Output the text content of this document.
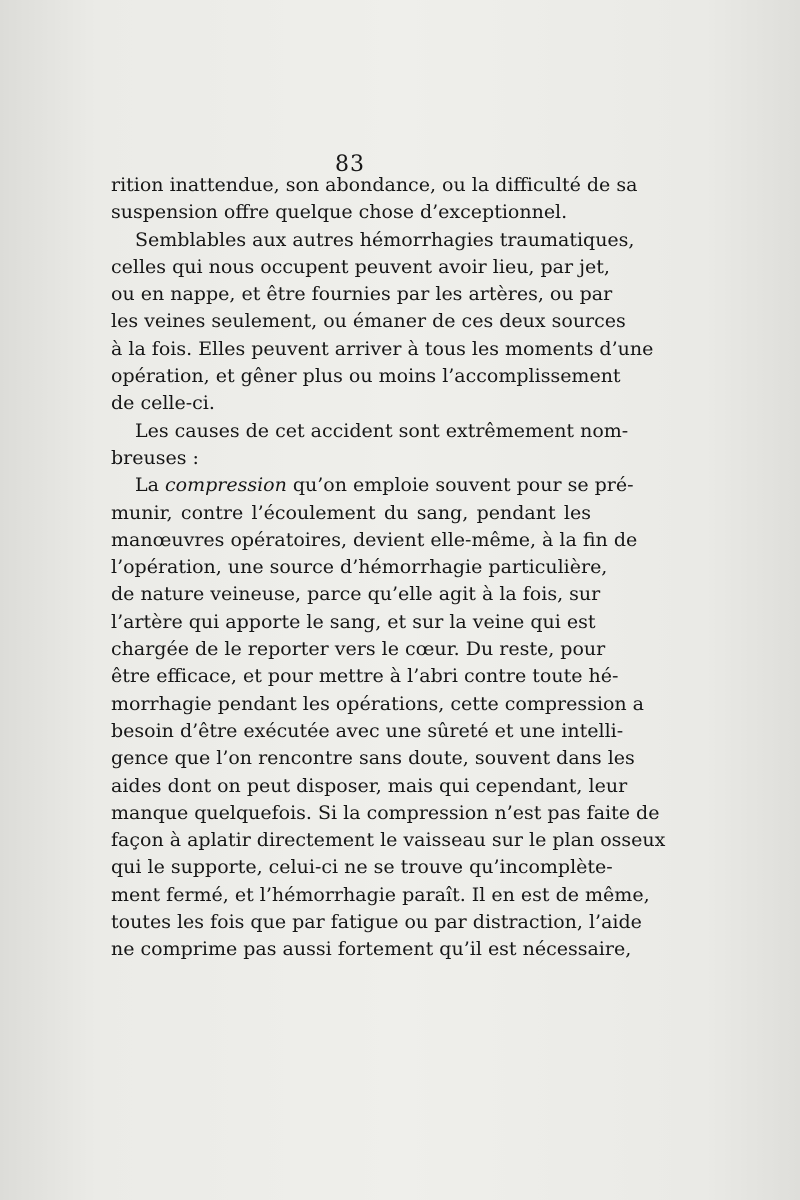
83
rition inattendue, son abondance, ou la difficulté de sa
suspension offre quelque chose d’exceptionnel.
Semblables aux autres hémorrhagies traumatiques,
celles qui nous occupent peuvent avoir lieu, par jet,
ou en nappe, et être fournies par les artères, ou par
les veines seulement, ou émaner de ces deux sources
à la fois. Elles peuvent arriver à tous les moments d’une
opération, et gêner plus ou moins l’accomplissement
de celle-ci.
Les causes de cet accident sont extrêmement nom-
breuses :
La compression qu’on emploie souvent pour se pré-
munir, contre l’écoulement du sang, pendant les
manœuvres opératoires, devient elle-même, à la fin de
l’opération, une source d’hémorrhagie particulière,
de nature veineuse, parce qu’elle agit à la fois, sur
l’artère qui apporte le sang, et sur la veine qui est
chargée de le reporter vers le cœur. Du reste, pour
être efficace, et pour mettre à l’abri contre toute hé-
morrhagie pendant les opérations, cette compression a
besoin d’être exécutée avec une sûreté et une intelli-
gence que l’on rencontre sans doute, souvent dans les
aides dont on peut disposer, mais qui cependant, leur
manque quelquefois. Si la compression n’est pas faite de
façon à aplatir directement le vaisseau sur le plan osseux
qui le supporte, celui-ci ne se trouve qu’incomplète-
ment fermé, et l’hémorrhagie paraît. Il en est de même,
toutes les fois que par fatigue ou par distraction, l’aide
ne comprime pas aussi fortement qu’il est nécessaire,
